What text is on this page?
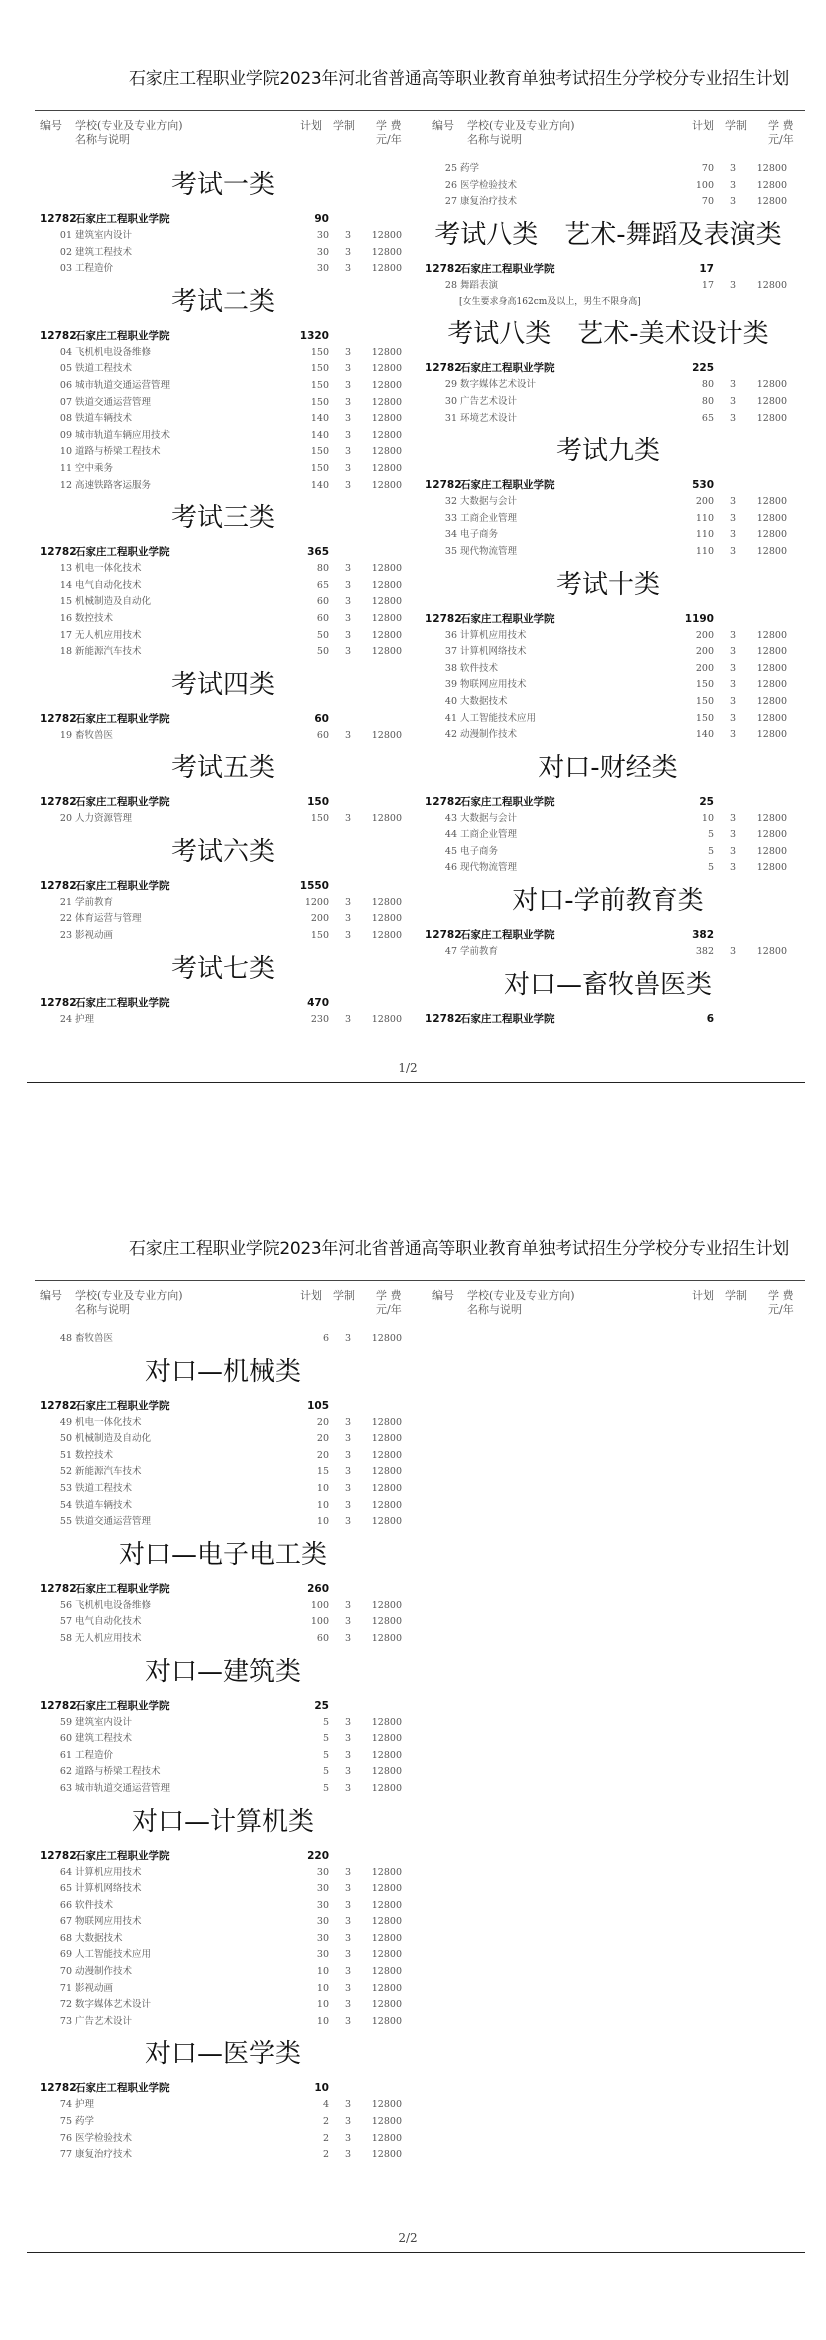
石家庄工程职业学院2023年河北省普通高等职业教育单独考试招生分学校分专业招生计划
编号 学校(专业及专业方向)
名称与说明
计划 学制 学 费
元/年
编号 学校(专业及专业方向)
名称与说明
计划 学制 学 费
元/年
考试一类
12782
石家庄工程职业学院	90
01 建筑室内设计	30 3 12800
02 建筑工程技术	30 3 12800
03 工程造价	30 3 12800
考试二类
12782
石家庄工程职业学院	1320
04 飞机机电设备维修	150 3 12800
05 铁道工程技术	150 3 12800
06 城市轨道交通运营管理	150 3 12800
07 铁道交通运营管理	150 3 12800
08 铁道车辆技术	140 3 12800
09 城市轨道车辆应用技术	140 3 12800
10 道路与桥梁工程技术	150 3 12800
11 空中乘务	150 3 12800
12 高速铁路客运服务	140 3 12800
考试三类
12782
石家庄工程职业学院	365
13 机电一体化技术	80 3 12800
14 电气自动化技术	65 3 12800
15 机械制造及自动化	60 3 12800
16 数控技术	60 3 12800
17 无人机应用技术	50 3 12800
18 新能源汽车技术	50 3 12800
考试四类
12782
石家庄工程职业学院	60
19 畜牧兽医	60 3 12800
考试五类
12782
石家庄工程职业学院	150
20 人力资源管理	150 3 12800
考试六类
12782
石家庄工程职业学院	1550
21 学前教育	1200 3 12800
22 体育运营与管理	200 3 12800
23 影视动画	150 3 12800
考试七类
12782
石家庄工程职业学院	470
24 护理	230 3 12800
25 药学	70 3 12800
26 医学检验技术	100 3 12800
27 康复治疗技术	70 3 12800
考试八类　艺术-舞蹈及表演类
12782
石家庄工程职业学院	17
28 舞蹈表演	17 3 12800
[女生要求身高162cm及以上，男生不限身高]
考试八类　艺术-美术设计类
12782
石家庄工程职业学院	225
29 数字媒体艺术设计	80 3 12800
30 广告艺术设计	80 3 12800
31 环境艺术设计	65 3 12800
考试九类
12782
石家庄工程职业学院	530
32 大数据与会计	200 3 12800
33 工商企业管理	110 3 12800
34 电子商务	110 3 12800
35 现代物流管理	110 3 12800
考试十类
12782
石家庄工程职业学院	1190
36 计算机应用技术	200 3 12800
37 计算机网络技术	200 3 12800
38 软件技术	200 3 12800
39 物联网应用技术	150 3 12800
40 大数据技术	150 3 12800
41 人工智能技术应用	150 3 12800
42 动漫制作技术	140 3 12800
对口-财经类
12782
石家庄工程职业学院	25
43 大数据与会计	10 3 12800
44 工商企业管理	5 3 12800
45 电子商务	5 3 12800
46 现代物流管理	5 3 12800
对口-学前教育类
12782
石家庄工程职业学院	382
47 学前教育	382 3 12800
对口—畜牧兽医类
12782
石家庄工程职业学院	6
1/2
石家庄工程职业学院2023年河北省普通高等职业教育单独考试招生分学校分专业招生计划
编号 学校(专业及专业方向)
名称与说明
计划 学制 学 费
元/年
编号 学校(专业及专业方向)
名称与说明
计划 学制 学 费
元/年
48 畜牧兽医	6 3 12800
对口—机械类
12782
石家庄工程职业学院	105
49 机电一体化技术	20 3 12800
50 机械制造及自动化	20 3 12800
51 数控技术	20 3 12800
52 新能源汽车技术	15 3 12800
53 铁道工程技术	10 3 12800
54 铁道车辆技术	10 3 12800
55 铁道交通运营管理	10 3 12800
对口—电子电工类
12782
石家庄工程职业学院	260
56 飞机机电设备维修	100 3 12800
57 电气自动化技术	100 3 12800
58 无人机应用技术	60 3 12800
对口—建筑类
12782
石家庄工程职业学院	25
59 建筑室内设计	5 3 12800
60 建筑工程技术	5 3 12800
61 工程造价	5 3 12800
62 道路与桥梁工程技术	5 3 12800
63 城市轨道交通运营管理	5 3 12800
对口—计算机类
12782
石家庄工程职业学院	220
64 计算机应用技术	30 3 12800
65 计算机网络技术	30 3 12800
66 软件技术	30 3 12800
67 物联网应用技术	30 3 12800
68 大数据技术	30 3 12800
69 人工智能技术应用	30 3 12800
70 动漫制作技术	10 3 12800
71 影视动画	10 3 12800
72 数字媒体艺术设计	10 3 12800
73 广告艺术设计	10 3 12800
对口—医学类
12782
石家庄工程职业学院	10
74 护理	4 3 12800
75 药学	2 3 12800
76 医学检验技术	2 3 12800
77 康复治疗技术	2 3 12800
2/2
